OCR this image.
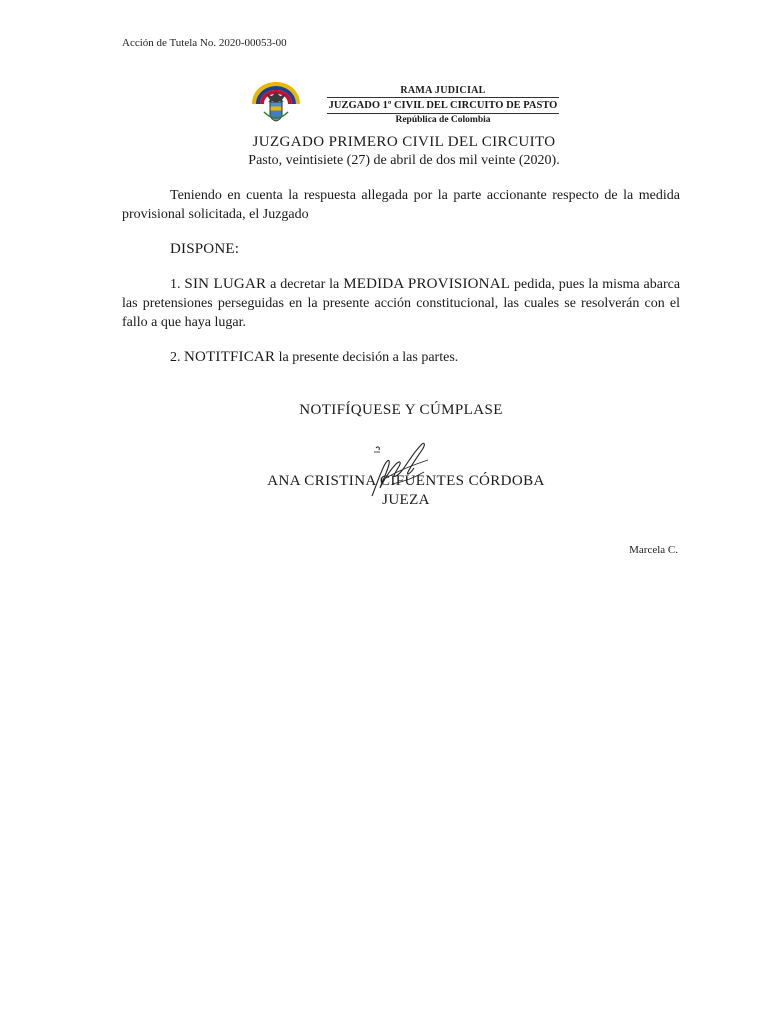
Acción de Tutela No. 2020-00053-00
RAMA JUDICIAL
JUZGADO 1º CIVIL DEL CIRCUITO DE PASTO
República de Colombia
JUZGADO PRIMERO CIVIL DEL CIRCUITO
Pasto, veintisiete (27) de abril de dos mil veinte (2020).
Teniendo en cuenta la respuesta allegada por la parte accionante respecto de la medida provisional solicitada, el Juzgado
DISPONE:
1. SIN LUGAR a decretar la MEDIDA PROVISIONAL pedida, pues la misma abarca las pretensiones perseguidas en la presente acción constitucional, las cuales se resolverán con el fallo a que haya lugar.
2. NOTITFICAR la presente decisión a las partes.
NOTIFÍQUESE Y CÚMPLASE
ANA CRISTINA CIFUENTES CÓRDOBA
JUEZA
Marcela C.
